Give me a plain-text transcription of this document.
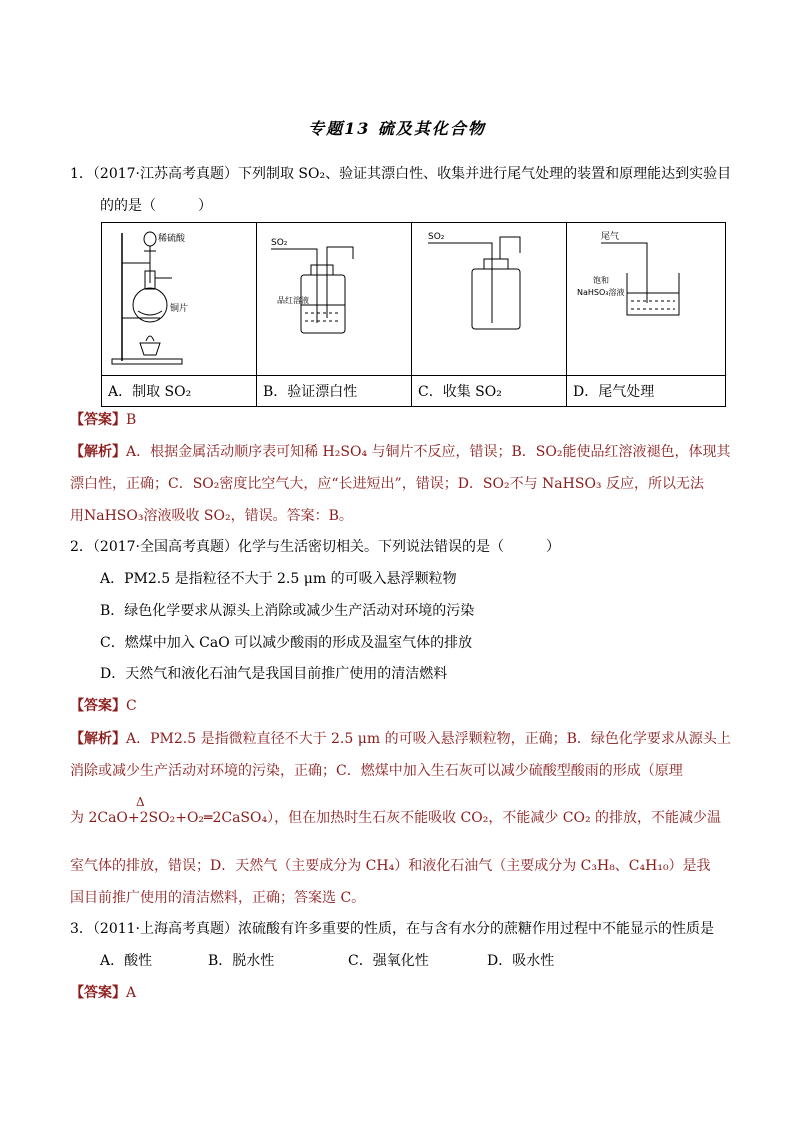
专题13 硫及其化合物
1．（2017·江苏高考真题）下列制取 SO₂、验证其漂白性、收集并进行尾气处理的装置和原理能达到实验目
的的是（　　　）
稀硫酸
铜片	SO₂
品红溶液	SO₂	尾气
饱和
NaHSO₃溶液

A．制取 SO₂	B．验证漂白性	C．收集 SO₂	D．尾气处理
【答案】B
【解析】A．根据金属活动顺序表可知稀 H₂SO₄ 与铜片不反应，错误；B．SO₂能使品红溶液褪色，体现其
漂白性，正确；C．SO₂密度比空气大，应“长进短出”，错误；D．SO₂不与 NaHSO₃ 反应，所以无法
用NaHSO₃溶液吸收 SO₂，错误。答案：B。
2．（2017·全国高考真题）化学与生活密切相关。下列说法错误的是（　　　）
A．PM2.5 是指粒径不大于 2.5 μm 的可吸入悬浮颗粒物
B．绿色化学要求从源头上消除或减少生产活动对环境的污染
C．燃煤中加入 CaO 可以减少酸雨的形成及温室气体的排放
D．天然气和液化石油气是我国目前推广使用的清洁燃料
【答案】C
【解析】A．PM2.5 是指微粒直径不大于 2.5 μm 的可吸入悬浮颗粒物，正确；B．绿色化学要求从源头上
消除或减少生产活动对环境的污染，正确；C．燃煤中加入生石灰可以减少硫酸型酸雨的形成（原理
Δ
为 2CaO+2SO₂+O₂═2CaSO₄），但在加热时生石灰不能吸收 CO₂，不能减少 CO₂ 的排放，不能减少温
室气体的排放，错误；D．天然气（主要成分为 CH₄）和液化石油气（主要成分为 C₃H₈、C₄H₁₀）是我
国目前推广使用的清洁燃料，正确；答案选 C。
3．（2011·上海高考真题）浓硫酸有许多重要的性质，在与含有水分的蔗糖作用过程中不能显示的性质是
A．酸性	B．脱水性	C．强氧化性	D．吸水性
【答案】A
